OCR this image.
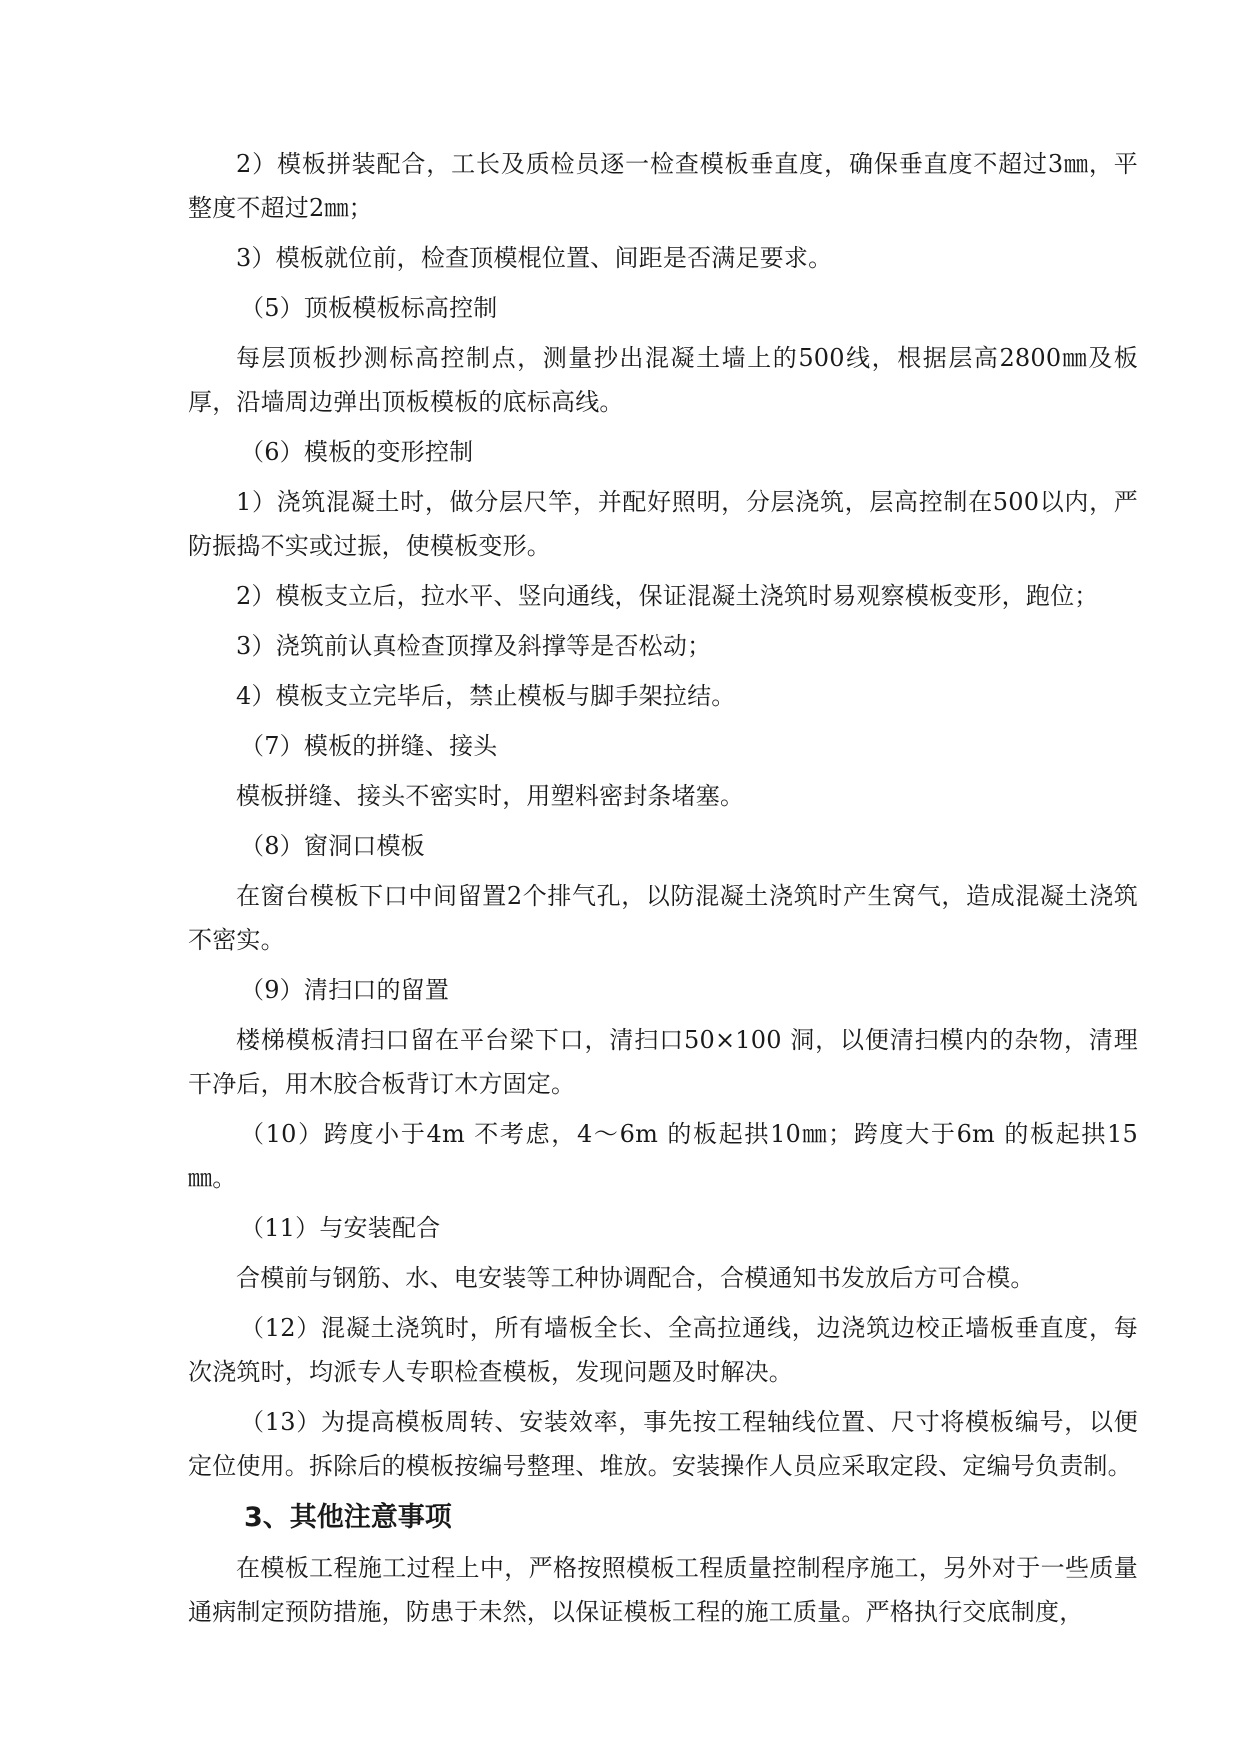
2）模板拼装配合，工长及质检员逐一检查模板垂直度，确保垂直度不超过3㎜，平整度不超过2㎜；

3）模板就位前，检查顶模棍位置、间距是否满足要求。

（5）顶板模板标高控制

每层顶板抄测标高控制点，测量抄出混凝土墙上的500线，根据层高2800㎜及板厚，沿墙周边弹出顶板模板的底标高线。

（6）模板的变形控制

1）浇筑混凝土时，做分层尺竿，并配好照明，分层浇筑，层高控制在500以内，严防振捣不实或过振，使模板变形。

2）模板支立后，拉水平、竖向通线，保证混凝土浇筑时易观察模板变形，跑位；

3）浇筑前认真检查顶撑及斜撑等是否松动；

4）模板支立完毕后，禁止模板与脚手架拉结。

（7）模板的拼缝、接头

模板拼缝、接头不密实时，用塑料密封条堵塞。

（8）窗洞口模板

在窗台模板下口中间留置2个排气孔，以防混凝土浇筑时产生窝气，造成混凝土浇筑不密实。

（9）清扫口的留置

楼梯模板清扫口留在平台梁下口，清扫口50×100 洞，以便清扫模内的杂物，清理干净后，用木胶合板背订木方固定。

（10）跨度小于4m 不考虑，4～6m 的板起拱10㎜；跨度大于6m 的板起拱15㎜。

（11）与安装配合

合模前与钢筋、水、电安装等工种协调配合，合模通知书发放后方可合模。

（12）混凝土浇筑时，所有墙板全长、全高拉通线，边浇筑边校正墙板垂直度，每次浇筑时，均派专人专职检查模板，发现问题及时解决。

（13）为提高模板周转、安装效率，事先按工程轴线位置、尺寸将模板编号，以便定位使用。拆除后的模板按编号整理、堆放。安装操作人员应采取定段、定编号负责制。

3、其他注意事项

在模板工程施工过程上中，严格按照模板工程质量控制程序施工，另外对于一些质量通病制定预防措施，防患于未然，以保证模板工程的施工质量。严格执行交底制度，
